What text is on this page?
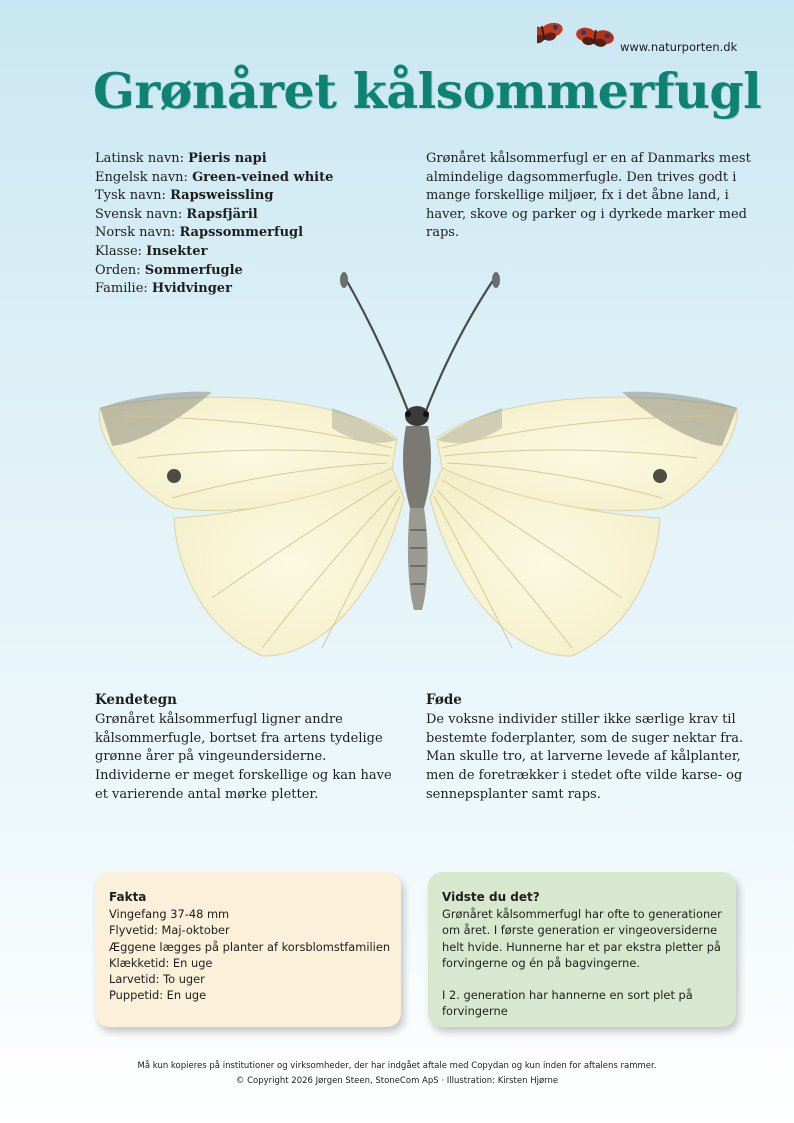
www.naturporten.dk
Grønåret kålsommerfugl
Latinsk navn: Pieris napi
Engelsk navn: Green-veined white
Tysk navn: Rapsweissling
Svensk navn: Rapsfjäril
Norsk navn: Rapssommerfugl
Klasse: Insekter
Orden: Sommerfugle
Familie: Hvidvinger

Grønåret kålsommerfugl er en af Danmarks mest almindelige dagsommerfugle. Den trives godt i mange forskellige miljøer, fx i det åbne land, i haver, skove og parker og i dyrkede marker med raps.

Kendetegn

Grønåret kålsommerfugl ligner andre kålsommerfugle, bortset fra artens tydelige grønne årer på vingeundersiderne. Individerne er meget forskellige og kan have et varierende antal mørke pletter.

Føde

De voksne individer stiller ikke særlige krav til bestemte foderplanter, som de suger nektar fra. Man skulle tro, at larverne levede af kålplanter, men de foretrækker i stedet ofte vilde karse- og sennepsplanter samt raps.

Fakta
Vingefang 37-48 mm
Flyvetid: Maj-oktober
Æggene lægges på planter af korsblomstfamilien
Klækketid: En uge
Larvetid: To uger
Puppetid: En uge
Vidste du det?

Grønåret kålsommerfugl har ofte to generationer om året. I første generation er vingeoversiderne helt hvide. Hunnerne har et par ekstra pletter på forvingerne og én på bagvingerne.

I 2. generation har hannerne en sort plet på forvingerne

Må kun kopieres på institutioner og virksomheder, der har indgået aftale med Copydan og kun inden for aftalens rammer.
© Copyright 2026 Jørgen Steen, StoneCom ApS · Illustration: Kirsten Hjørne
